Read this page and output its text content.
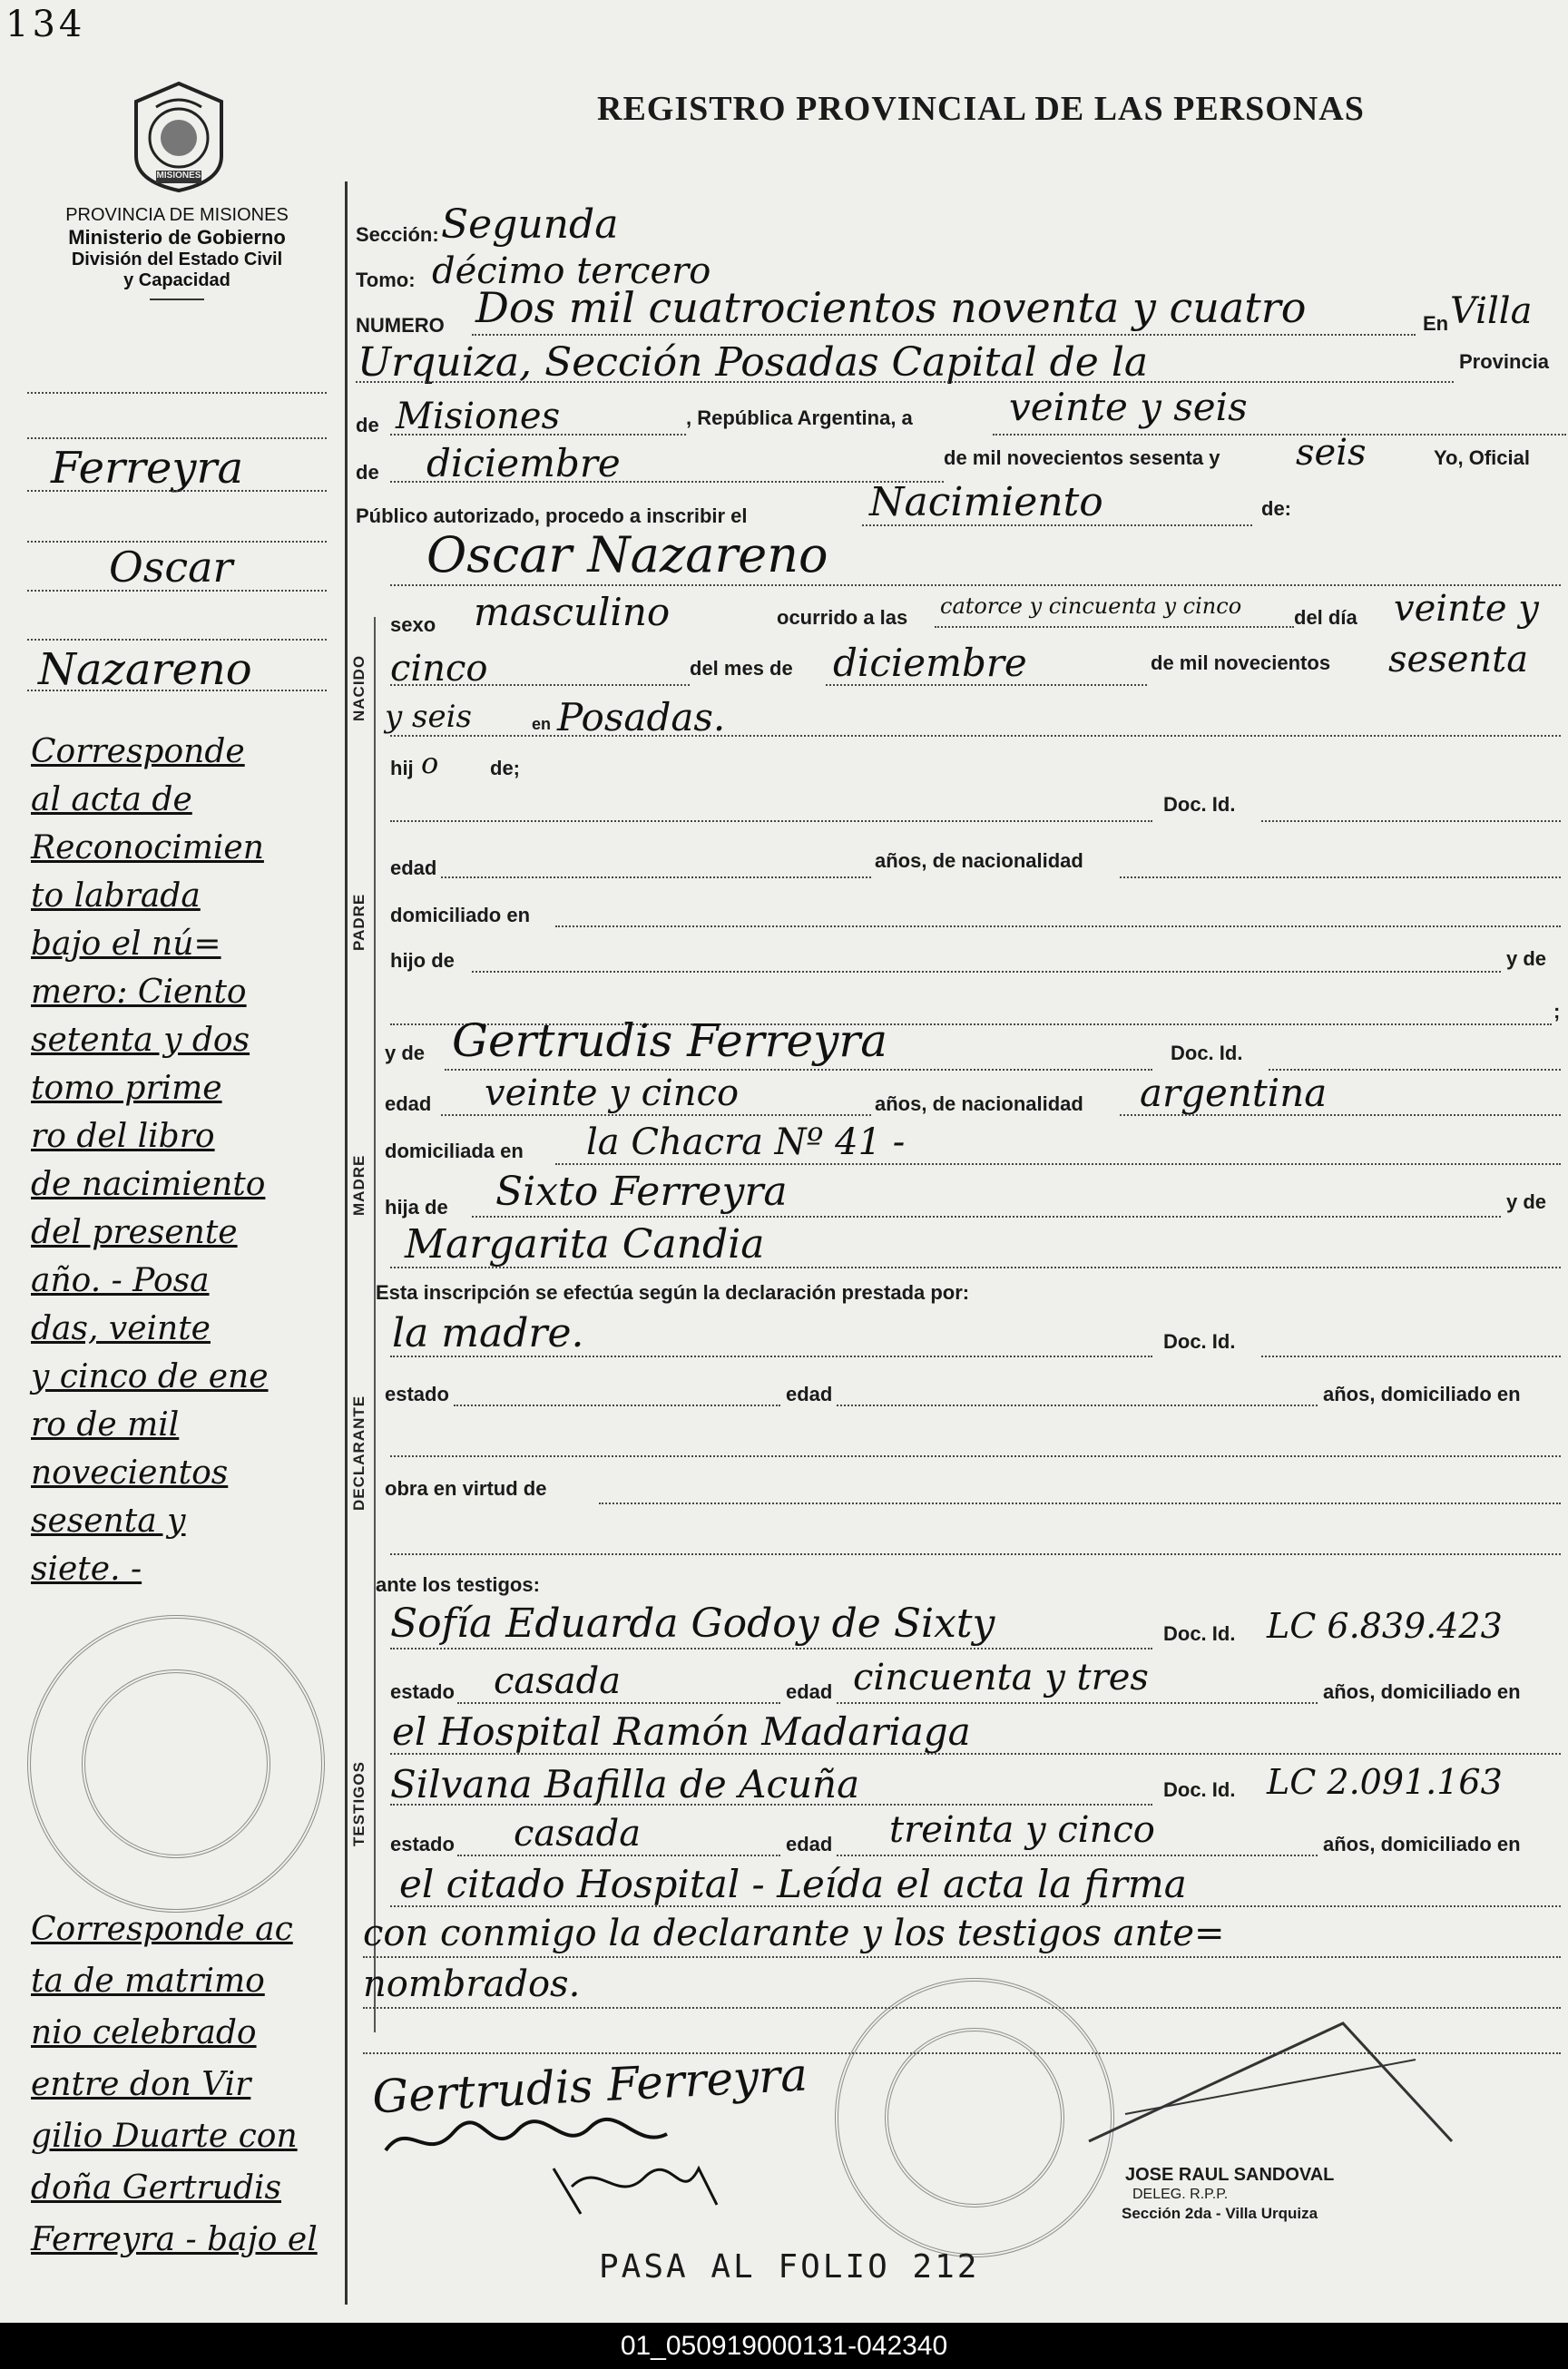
134
MISIONES
PROVINCIA DE MISIONES
Ministerio de Gobierno
División del Estado Civil
y Capacidad
REGISTRO PROVINCIAL DE LAS PERSONAS
NACIDO
PADRE
MADRE
DECLARANTE
TESTIGOS
Sección: Segunda
Tomo: décimo tercero
NUMERO Dos mil cuatrocientos noventa y cuatro	En Villa
Urquiza, Sección Posadas Capital de la	Provincia
de Misiones	, República Argentina, a	veinte y seis
de diciembre	de mil novecientos sesenta y seis	Yo, Oficial
Público autorizado, procedo a inscribir el	Nacimiento	de:
Oscar Nazareno
sexo masculino	ocurrido a las catorce y cincuenta y cinco	del día veinte y
cinco	del mes de diciembre	de mil novecientos sesenta
y seis	en Posadas.
hij o	de;
Doc. Id.
edad	años, de nacionalidad
domiciliado en
hijo de	y de
;
y de Gertrudis Ferreyra	Doc. Id.
edad veinte y cinco	años, de nacionalidad argentina
domiciliada en la Chacra Nº 41 -
hija de Sixto Ferreyra	y de
Margarita Candia
Esta inscripción se efectúa según la declaración prestada por:
la madre.	Doc. Id.
estado	edad	años, domiciliado en
obra en virtud de
ante los testigos:
Sofía Eduarda Godoy de Sixty	Doc. Id. LC 6.839.423
estado casada	edad cincuenta y tres	años, domiciliado en
el Hospital Ramón Madariaga
Silvana Bafilla de Acuña	Doc. Id. LC 2.091.163
estado casada	edad treinta y cinco	años, domiciliado en
el citado Hospital - Leída el acta la firma
con conmigo la declarante y los testigos ante=
nombrados.
Gertrudis Ferreyra
JOSE RAUL SANDOVAL
DELEG. R.P.P.
Sección 2da - Villa Urquiza
PASA AL FOLIO 212
Ferreyra
Oscar
Nazareno
Corresponde
al acta de
Reconocimien
to labrada
bajo el nú=
mero: Ciento
setenta y dos
tomo prime
ro del libro
de nacimiento
del presente
año. - Posa
das, veinte
y cinco de ene
ro de mil
novecientos
sesenta y
siete. -
Corresponde ac
ta de matrimo
nio celebrado
entre don Vir
gilio Duarte con
doña Gertrudis
Ferreyra - bajo el
01_050919000131-042340
